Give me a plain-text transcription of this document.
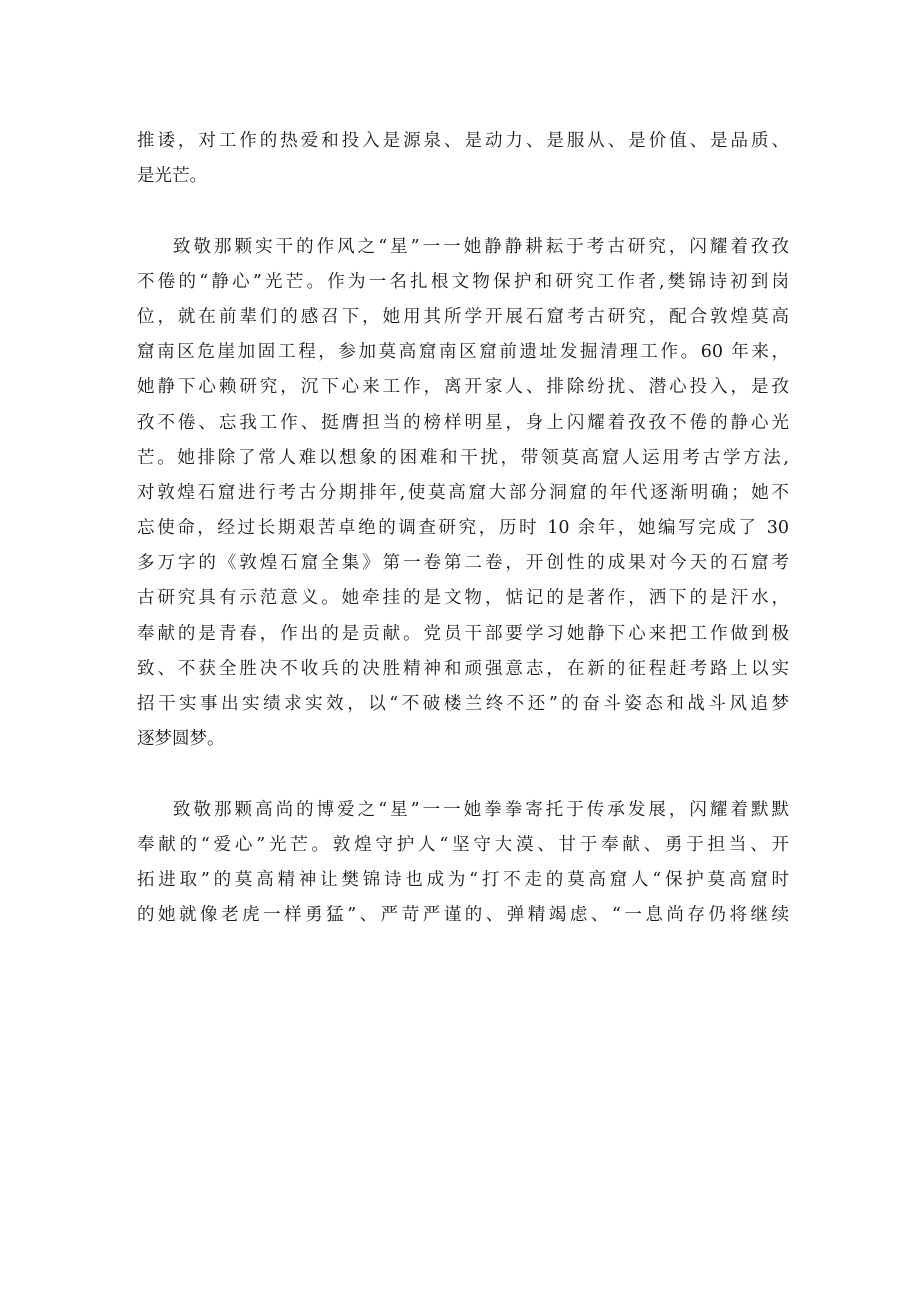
推诿，对工作的热爱和投入是源泉、是动力、是服从、是价值、是品质、
是光芒。
致敬那颗实干的作风之“星”一一她静静耕耘于考古研究，闪耀着孜孜
不倦的“静心”光芒。作为一名扎根文物保护和研究工作者,樊锦诗初到岗
位，就在前辈们的感召下，她用其所学开展石窟考古研究，配合敦煌莫高
窟南区危崖加固工程，参加莫高窟南区窟前遗址发掘清理工作。60 年来，
她静下心赖研究，沉下心来工作，离开家人、排除纷扰、潜心投入，是孜
孜不倦、忘我工作、挺膺担当的榜样明星，身上闪耀着孜孜不倦的静心光
芒。她排除了常人难以想象的困难和干扰，带领莫高窟人运用考古学方法,
对敦煌石窟进行考古分期排年,使莫高窟大部分洞窟的年代逐渐明确；她不
忘使命，经过长期艰苦卓绝的调查研究，历时 10 余年，她编写完成了 30
多万字的《敦煌石窟全集》第一卷第二卷，开创性的成果对今天的石窟考
古研究具有示范意义。她牵挂的是文物，惦记的是著作，洒下的是汗水，
奉献的是青春，作出的是贡献。党员干部要学习她静下心来把工作做到极
致、不获全胜决不收兵的决胜精神和顽强意志，在新的征程赶考路上以实
招干实事出实绩求实效，以“不破楼兰终不还”的奋斗姿态和战斗风追梦
逐梦圆梦。
致敬那颗高尚的博爱之“星”一一她拳拳寄托于传承发展，闪耀着默默
奉献的“爱心”光芒。敦煌守护人“坚守大漠、甘于奉献、勇于担当、开
拓进取”的莫高精神让樊锦诗也成为“打不走的莫高窟人“保护莫高窟时
的她就像老虎一样勇猛”、严苛严谨的、弹精竭虑、“一息尚存仍将继续
